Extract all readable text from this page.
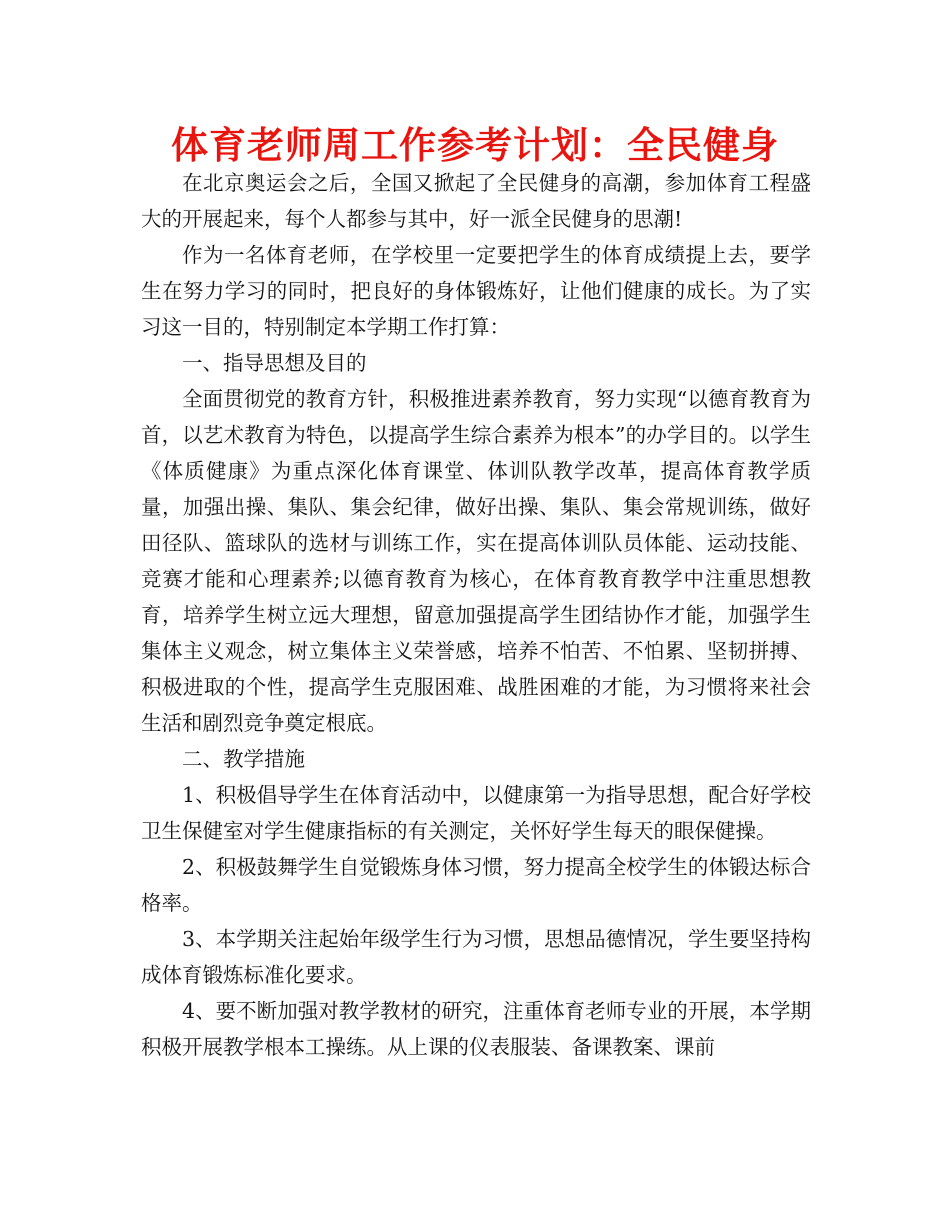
体育老师周工作参考计划：全民健身

在北京奥运会之后，全国又掀起了全民健身的高潮，参加体育工程盛大的开展起来，每个人都参与其中，好一派全民健身的思潮!

作为一名体育老师，在学校里一定要把学生的体育成绩提上去，要学生在努力学习的同时，把良好的身体锻炼好，让他们健康的成长。为了实习这一目的，特别制定本学期工作打算：

一、指导思想及目的

全面贯彻党的教育方针，积极推进素养教育，努力实现“以德育教育为首，以艺术教育为特色，以提高学生综合素养为根本”的办学目的。以学生《体质健康》为重点深化体育课堂、体训队教学改革，提高体育教学质量，加强出操、集队、集会纪律，做好出操、集队、集会常规训练，做好田径队、篮球队的选材与训练工作，实在提高体训队员体能、运动技能、竞赛才能和心理素养;以德育教育为核心，在体育教育教学中注重思想教育，培养学生树立远大理想，留意加强提高学生团结协作才能，加强学生集体主义观念，树立集体主义荣誉感，培养不怕苦、不怕累、坚韧拼搏、积极进取的个性，提高学生克服困难、战胜困难的才能，为习惯将来社会生活和剧烈竞争奠定根底。

二、教学措施

1、积极倡导学生在体育活动中，以健康第一为指导思想，配合好学校卫生保健室对学生健康指标的有关测定，关怀好学生每天的眼保健操。

2、积极鼓舞学生自觉锻炼身体习惯，努力提高全校学生的体锻达标合格率。

3、本学期关注起始年级学生行为习惯，思想品德情况，学生要坚持构成体育锻炼标准化要求。

4、要不断加强对教学教材的研究，注重体育老师专业的开展，本学期积极开展教学根本工操练。从上课的仪表服装、备课教案、课前
